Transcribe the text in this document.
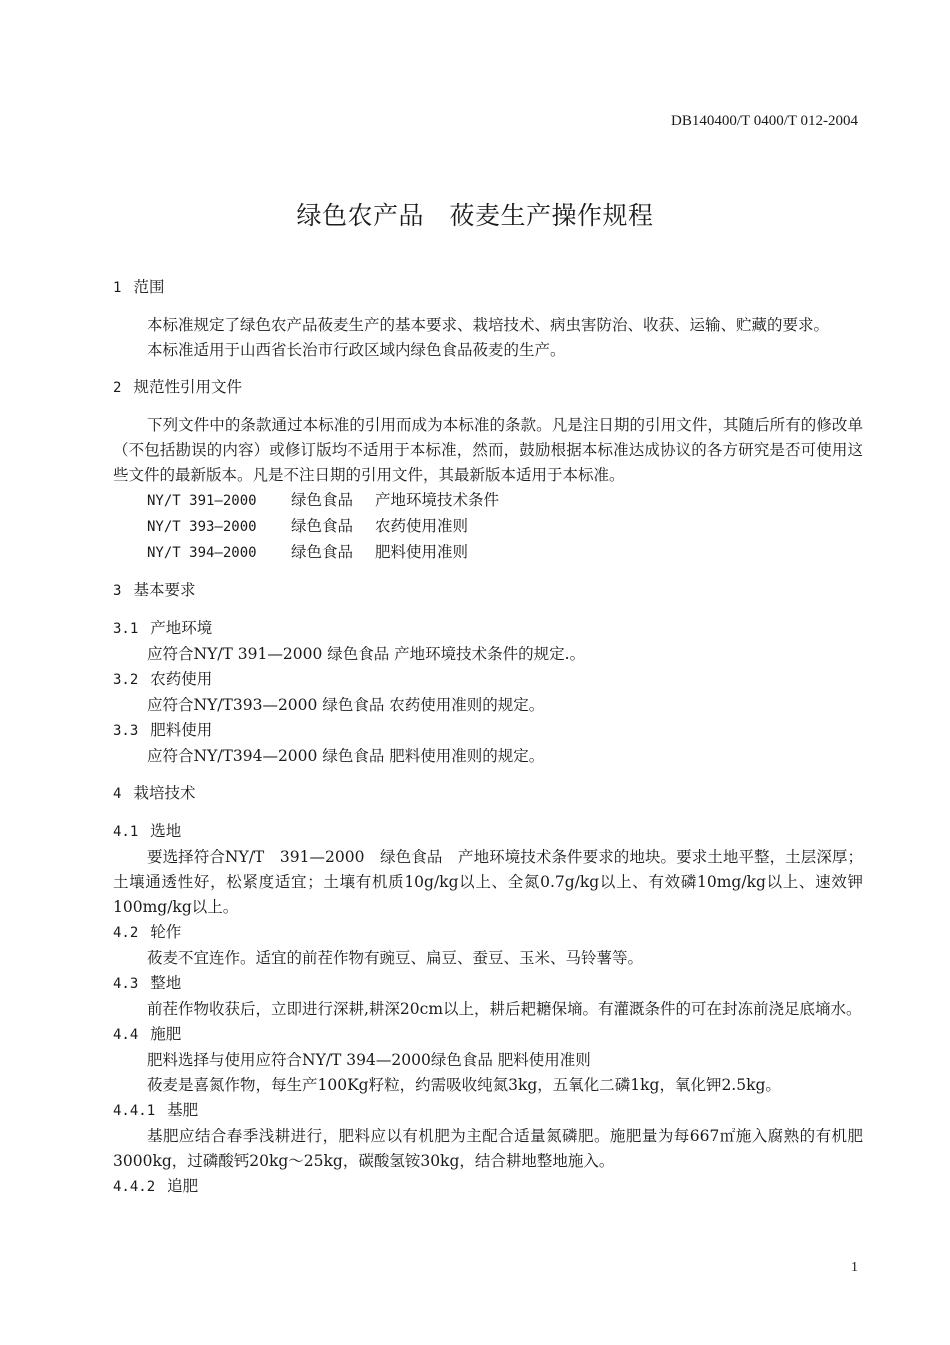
DB140400/T 0400/T 012-2004
绿色农产品　莜麦生产操作规程
1 范围

本标准规定了绿色农产品莜麦生产的基本要求、栽培技术、病虫害防治、收获、运输、贮藏的要求。

本标准适用于山西省长治市行政区域内绿色食品莜麦的生产。

2 规范性引用文件

下列文件中的条款通过本标准的引用而成为本标准的条款。凡是注日期的引用文件，其随后所有的修改单（不包括勘误的内容）或修订版均不适用于本标准，然而，鼓励根据本标准达成协议的各方研究是否可使用这些文件的最新版本。凡是不注日期的引用文件，其最新版本适用于本标准。

NY/T 391—2000 绿色食品 产地环境技术条件
NY/T 393—2000 绿色食品 农药使用准则
NY/T 394—2000 绿色食品 肥料使用准则
3 基本要求
3.1 产地环境

应符合NY/T 391—2000 绿色食品 产地环境技术条件的规定.。

3.2 农药使用

应符合NY/T393—2000 绿色食品 农药使用准则的规定。

3.3 肥料使用

应符合NY/T394—2000 绿色食品 肥料使用准则的规定。

4 栽培技术
4.1 选地

要选择符合NY/T　391—2000　绿色食品　产地环境技术条件要求的地块。要求土地平整，土层深厚；土壤通透性好，松紧度适宜；土壤有机质10g/kg以上、全氮0.7g/kg以上、有效磷10mg/kg以上、速效钾100mg/kg以上。

4.2 轮作

莜麦不宜连作。适宜的前茬作物有豌豆、扁豆、蚕豆、玉米、马铃薯等。

4.3 整地

前茬作物收获后，立即进行深耕,耕深20cm以上，耕后耙耱保墒。有灌溉条件的可在封冻前浇足底墒水。

4.4 施肥

肥料选择与使用应符合NY/T 394—2000绿色食品 肥料使用准则

莜麦是喜氮作物，每生产100Kg籽粒，约需吸收纯氮3kg，五氧化二磷1kg，氧化钾2.5kg。

4.4.1 基肥

基肥应结合春季浅耕进行，肥料应以有机肥为主配合适量氮磷肥。施肥量为每667㎡施入腐熟的有机肥3000kg，过磷酸钙20kg～25kg，碳酸氢铵30kg，结合耕地整地施入。

4.4.2 追肥
1
